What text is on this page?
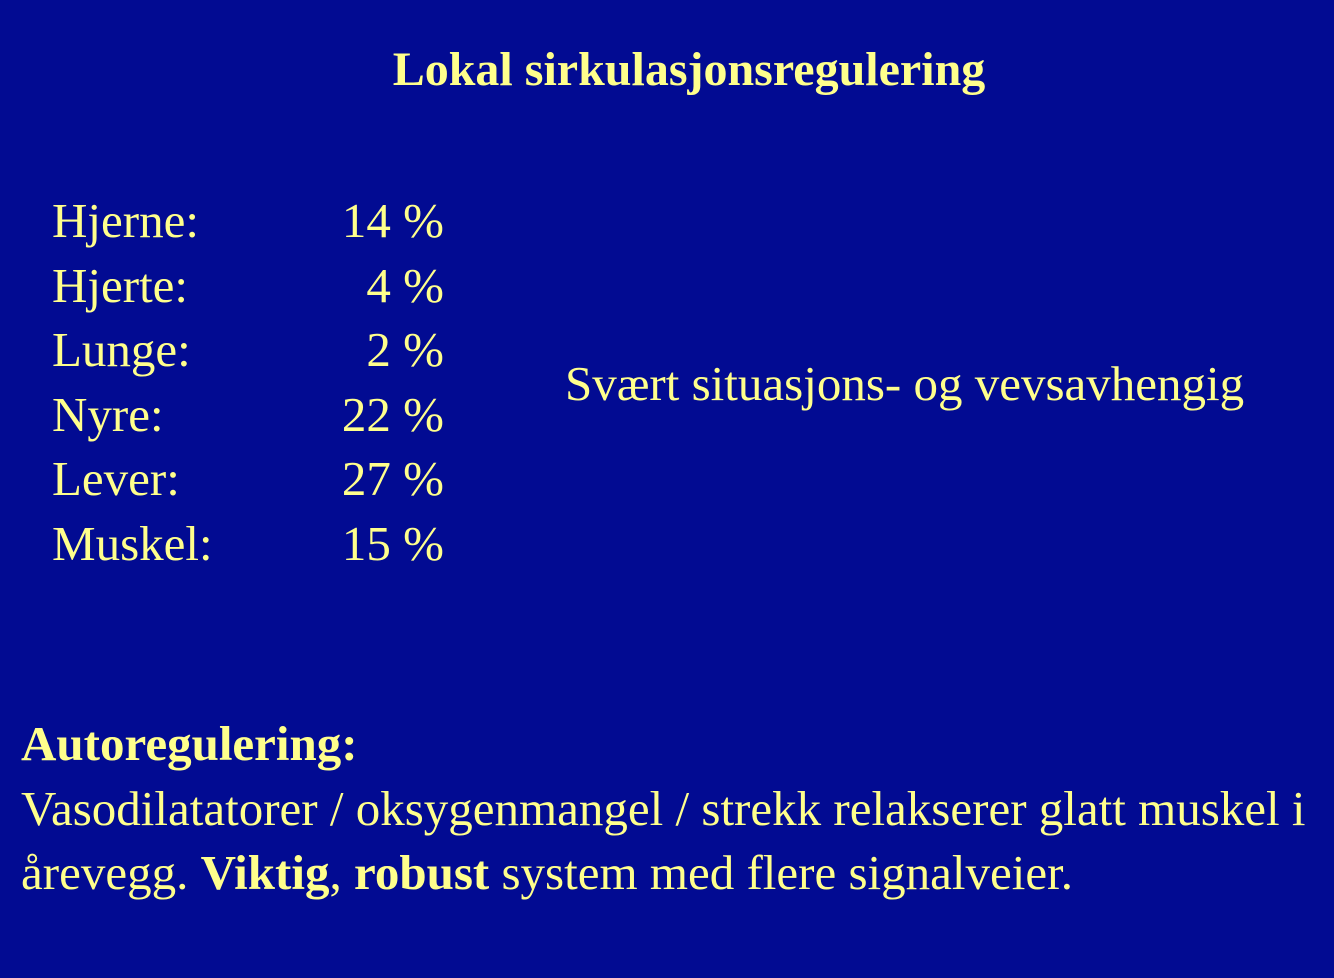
Lokal sirkulasjonsregulering
Hjerne:	14 %
Hjerte:	4 %
Lunge:	2 %
Nyre:	22 %
Lever:	27 %
Muskel:	15 %
Svært situasjons- og vevsavhengig
Autoregulering:
Vasodilatatorer / oksygenmangel / strekk relakserer glatt muskel i årevegg. Viktig, robust system med flere signalveier.
